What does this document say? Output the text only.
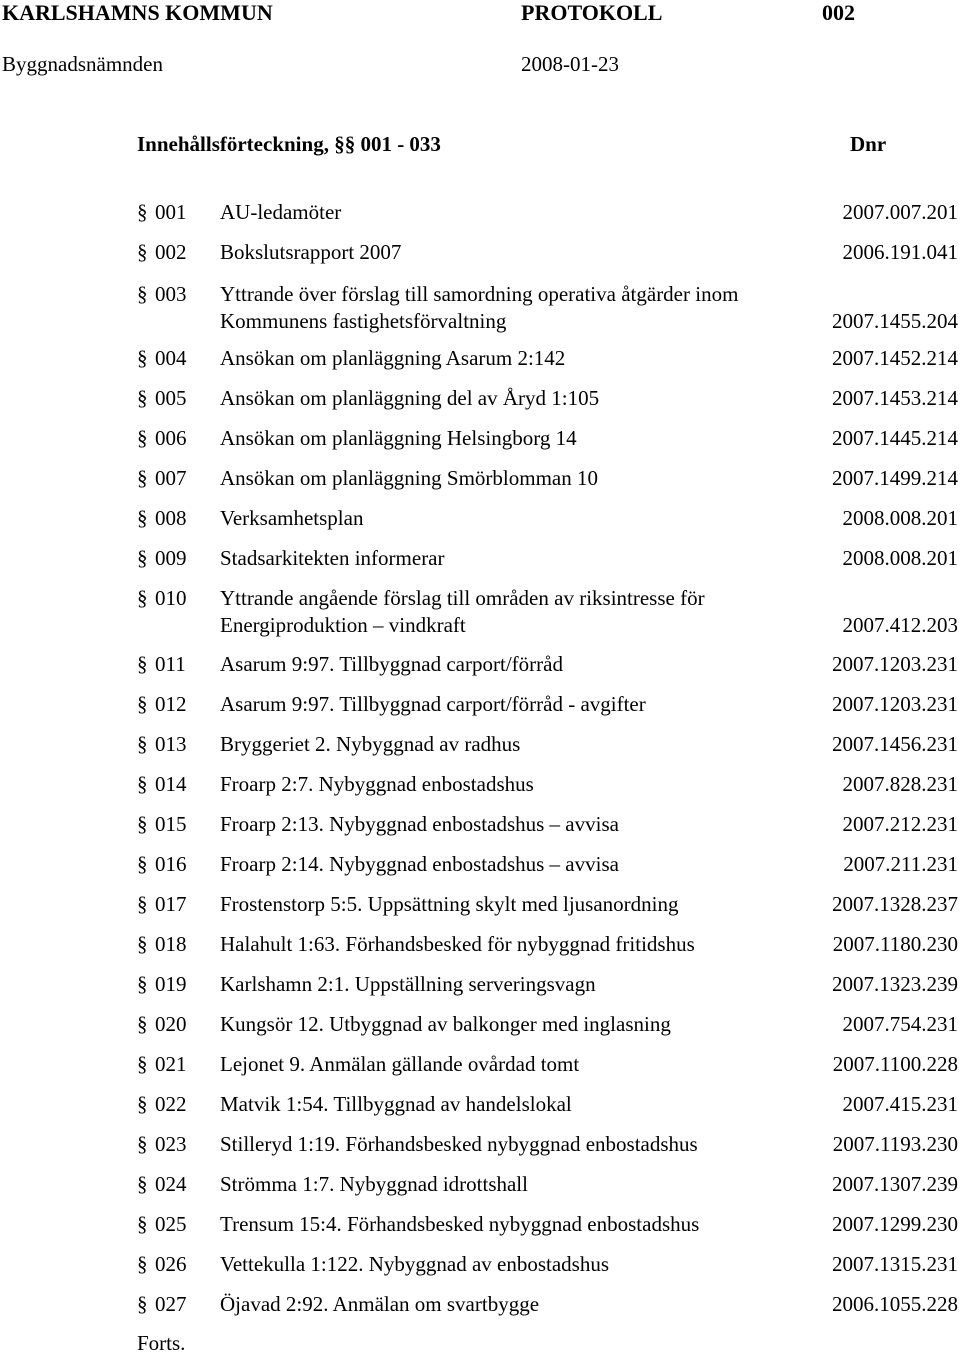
KARLSHAMNS KOMMUN	PROTOKOLL	002
Byggnadsnämnden	2008-01-23
Innehållsförteckning, §§ 001 - 033	Dnr
§ 001 AU-ledamöter	2007.007.201
§ 002 Bokslutsrapport 2007	2006.191.041
§ 003 Yttrande över förslag till samordning operativa åtgärder inom
Kommunens fastighetsförvaltning	2007.1455.204
§ 004 Ansökan om planläggning Asarum 2:142	2007.1452.214
§ 005 Ansökan om planläggning del av Åryd 1:105	2007.1453.214
§ 006 Ansökan om planläggning Helsingborg 14	2007.1445.214
§ 007 Ansökan om planläggning Smörblomman 10	2007.1499.214
§ 008 Verksamhetsplan	2008.008.201
§ 009 Stadsarkitekten informerar	2008.008.201
§ 010 Yttrande angående förslag till områden av riksintresse för
Energiproduktion – vindkraft	2007.412.203
§ 011 Asarum 9:97. Tillbyggnad carport/förråd	2007.1203.231
§ 012 Asarum 9:97. Tillbyggnad carport/förråd - avgifter	2007.1203.231
§ 013 Bryggeriet 2. Nybyggnad av radhus	2007.1456.231
§ 014 Froarp 2:7. Nybyggnad enbostadshus	2007.828.231
§ 015 Froarp 2:13. Nybyggnad enbostadshus – avvisa	2007.212.231
§ 016 Froarp 2:14. Nybyggnad enbostadshus – avvisa	2007.211.231
§ 017 Frostenstorp 5:5. Uppsättning skylt med ljusanordning	2007.1328.237
§ 018 Halahult 1:63. Förhandsbesked för nybyggnad fritidshus	2007.1180.230
§ 019 Karlshamn 2:1. Uppställning serveringsvagn	2007.1323.239
§ 020 Kungsör 12. Utbyggnad av balkonger med inglasning	2007.754.231
§ 021 Lejonet 9. Anmälan gällande ovårdad tomt	2007.1100.228
§ 022 Matvik 1:54. Tillbyggnad av handelslokal	2007.415.231
§ 023 Stilleryd 1:19. Förhandsbesked nybyggnad enbostadshus	2007.1193.230
§ 024 Strömma 1:7. Nybyggnad idrottshall	2007.1307.239
§ 025 Trensum 15:4. Förhandsbesked nybyggnad enbostadshus	2007.1299.230
§ 026 Vettekulla 1:122. Nybyggnad av enbostadshus	2007.1315.231
§ 027 Öjavad 2:92. Anmälan om svartbygge	2006.1055.228
Forts.
